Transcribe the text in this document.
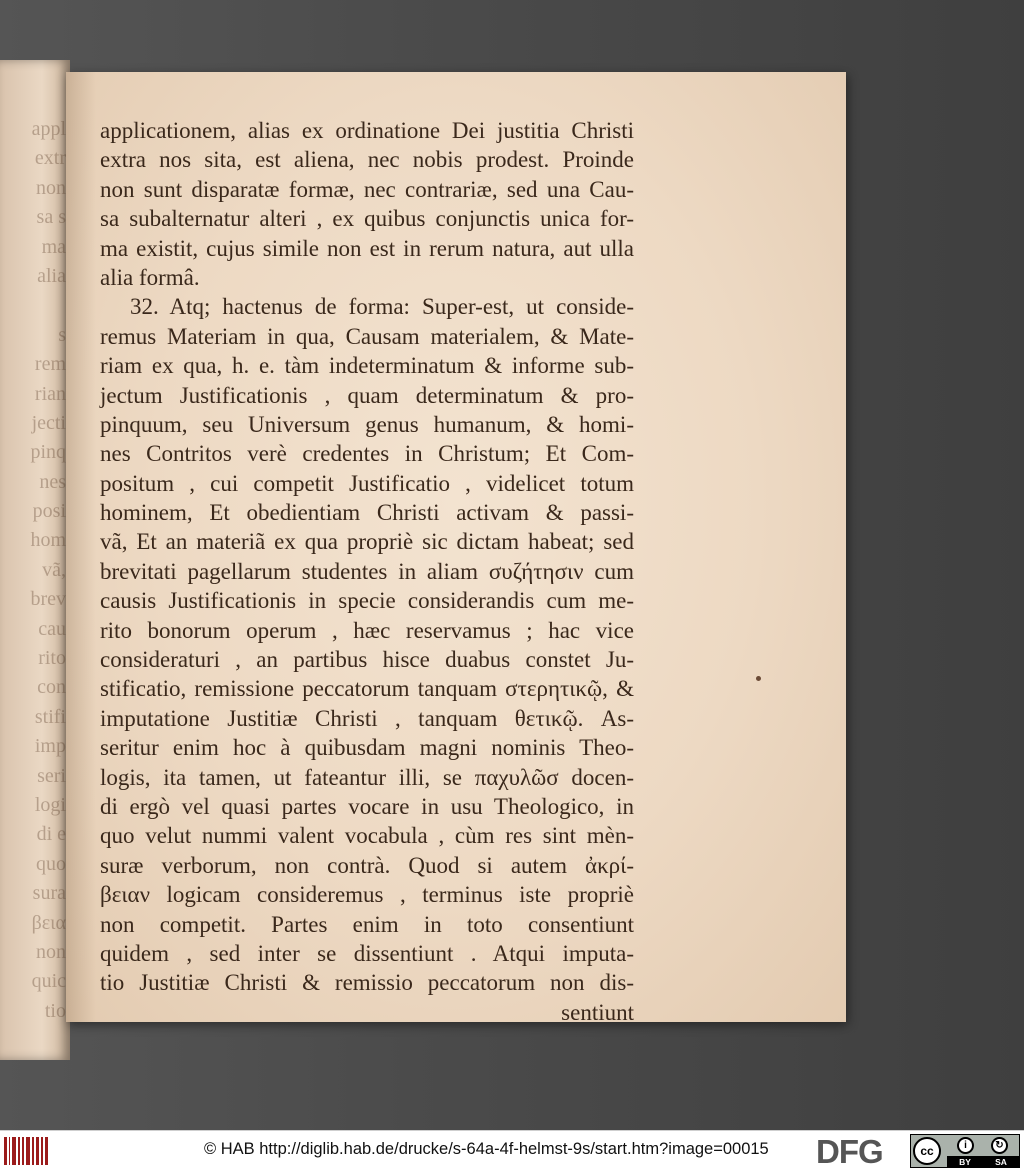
appl
extr
non
sa s
ma
alia
s
rem
rian
jecti
pinq
nes
posi
hom
vã,
brev
cau
rito
con
stifi
imp
seri
logi
di e
quo
sura
βεια
non
quic
tio
applicationem, alias ex ordinatione Dei justitia Christi
extra nos sita, est aliena, nec nobis prodest. Proinde
non sunt disparatæ formæ, nec contrariæ, sed una Cau-
sa subalternatur alteri , ex quibus conjunctis unica for-
ma existit, cujus simile non est in rerum natura, aut ulla
alia formâ.
32. Atq; hactenus de forma: Super-est, ut conside-
remus Materiam in qua, Causam materialem, & Mate-
riam ex qua, h. e. tàm indeterminatum & informe sub-
jectum Justificationis , quam determinatum & pro-
pinquum, seu Universum genus humanum, & homi-
nes Contritos verè credentes in Christum; Et Com-
positum , cui competit Justificatio , videlicet totum
hominem, Et obedientiam Christi activam & passi-
vã, Et an materiã ex qua propriè sic dictam habeat; sed
brevitati pagellarum studentes in aliam συζήτησιν cum
causis Justificationis in specie considerandis cum me-
rito bonorum operum , hæc reservamus ; hac vice
consideraturi , an partibus hisce duabus constet Ju-
stificatio, remissione peccatorum tanquam στερητικῷ, &
imputatione Justitiæ Christi , tanquam θετικῷ. As-
seritur enim hoc à quibusdam magni nominis Theo-
logis, ita tamen, ut fateantur illi, se παχυλῶσ docen-
di ergò vel quasi partes vocare in usu Theologico, in
quo velut nummi valent vocabula , cùm res sint mèn-
suræ verborum, non contrà. Quod si autem ἀκρί-
βειαν logicam consideremus , terminus iste propriè
non competit. Partes enim in toto consentiunt
quidem , sed inter se dissentiunt . Atqui imputa-
tio Justitiæ Christi & remissio peccatorum non dis-
sentiunt
© HAB http://diglib.hab.de/drucke/s-64a-4f-helmst-9s/start.htm?image=00015 DFG	cc	i	↻
BY	SA
